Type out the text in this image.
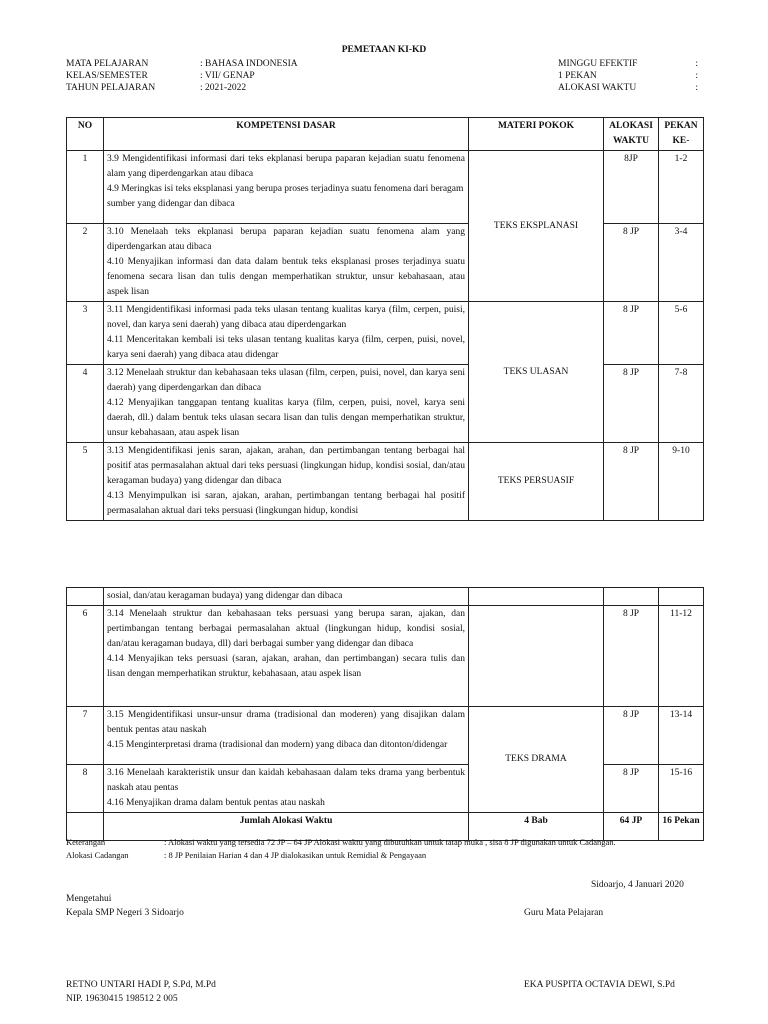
PEMETAAN KI-KD
MATA PELAJARAN	: BAHASA INDONESIA
KELAS/SEMESTER	: VII/ GENAP
TAHUN PELAJARAN	: 2021-2022
MINGGU EFEKTIF	:
1 PEKAN	:
ALOKASI WAKTU	:
NO	KOMPETENSI DASAR	MATERI POKOK	ALOKASI WAKTU	PEKAN KE-
1	3.9 Mengidentifikasi informasi dari teks ekplanasi berupa paparan kejadian suatu fenomena alam yang diperdengarkan atau dibaca

4.9 Meringkas isi teks eksplanasi yang berupa proses terjadinya suatu fenomena dari beragam

sumber yang didengar dan dibaca	TEKS EKSPLANASI	8JP	1-2
2	3.10 Menelaah teks ekplanasi berupa paparan kejadian suatu fenomena alam yang diperdengarkan atau dibaca

4.10 Menyajikan informasi dan data dalam bentuk teks eksplanasi proses terjadinya suatu fenomena secara lisan dan tulis dengan memperhatikan struktur, unsur kebahasaan, atau aspek lisan		8 JP	3-4
3	3.11 Mengidentifikasi informasi pada teks ulasan tentang kualitas karya (film, cerpen, puisi, novel, dan karya seni daerah) yang dibaca atau diperdengarkan

4.11 Menceritakan kembali isi teks ulasan tentang kualitas karya (film, cerpen, puisi, novel, karya seni daerah) yang dibaca atau didengar	TEKS ULASAN	8 JP	5-6
4	3.12 Menelaah struktur dan kebahasaan teks ulasan (film, cerpen, puisi, novel, dan karya seni daerah) yang diperdengarkan dan dibaca

4.12 Menyajikan tanggapan tentang kualitas karya (film, cerpen, puisi, novel, karya seni daerah, dll.) dalam bentuk teks ulasan secara lisan dan tulis dengan memperhatikan struktur, unsur kebahasaan, atau aspek lisan		8 JP	7-8
5	3.13 Mengidentifikasi jenis saran, ajakan, arahan, dan pertimbangan tentang berbagai hal positif atas permasalahan aktual dari teks persuasi (lingkungan hidup, kondisi sosial, dan/atau keragaman budaya) yang didengar dan dibaca

4.13 Menyimpulkan isi saran, ajakan, arahan, pertimbangan tentang berbagai hal positif permasalahan aktual dari teks persuasi (lingkungan hidup, kondisi	TEKS PERSUASIF	8 JP	9-10
	sosial, dan/atau keragaman budaya) yang didengar dan dibaca			
6	3.14 Menelaah struktur dan kebahasaan teks persuasi yang berupa saran, ajakan, dan pertimbangan tentang berbagai permasalahan aktual (lingkungan hidup, kondisi sosial, dan/atau keragaman budaya, dll) dari berbagai sumber yang didengar dan dibaca

4.14 Menyajikan teks persuasi (saran, ajakan, arahan, dan pertimbangan) secara tulis dan lisan dengan memperhatikan struktur, kebahasaan, atau aspek lisan		8 JP	11-12
7	3.15 Mengidentifikasi unsur-unsur drama (tradisional dan moderen) yang disajikan dalam bentuk pentas atau naskah

4.15 Menginterpretasi drama (tradisional dan modern) yang dibaca dan ditonton/didengar	TEKS DRAMA	8 JP	13-14
8	3.16 Menelaah karakteristik unsur dan kaidah kebahasaan dalam teks drama yang berbentuk naskah atau pentas

4.16 Menyajikan drama dalam bentuk pentas atau naskah		8 JP	15-16
	Jumlah Alokasi Waktu	4 Bab	64 JP	16 Pekan
Keterangan	: Alokasi waktu yang tersedia 72 JP – 64 JP Alokasi waktu yang dibutuhkan untuk tatap muka , sisa 8 JP digunakan untuk Cadangan.
Alokasi Cadangan	: 8 JP Penilaian Harian 4 dan 4 JP dialokasikan untuk Remidial & Pengayaan
Sidoarjo, 4 Januari 2020
Mengetahui
Kepala SMP Negeri 3 Sidoarjo	Guru Mata Pelajaran
RETNO UNTARI HADI P, S.Pd, M.Pd
NIP. 19630415 198512 2 005
EKA PUSPITA OCTAVIA DEWI, S.Pd
